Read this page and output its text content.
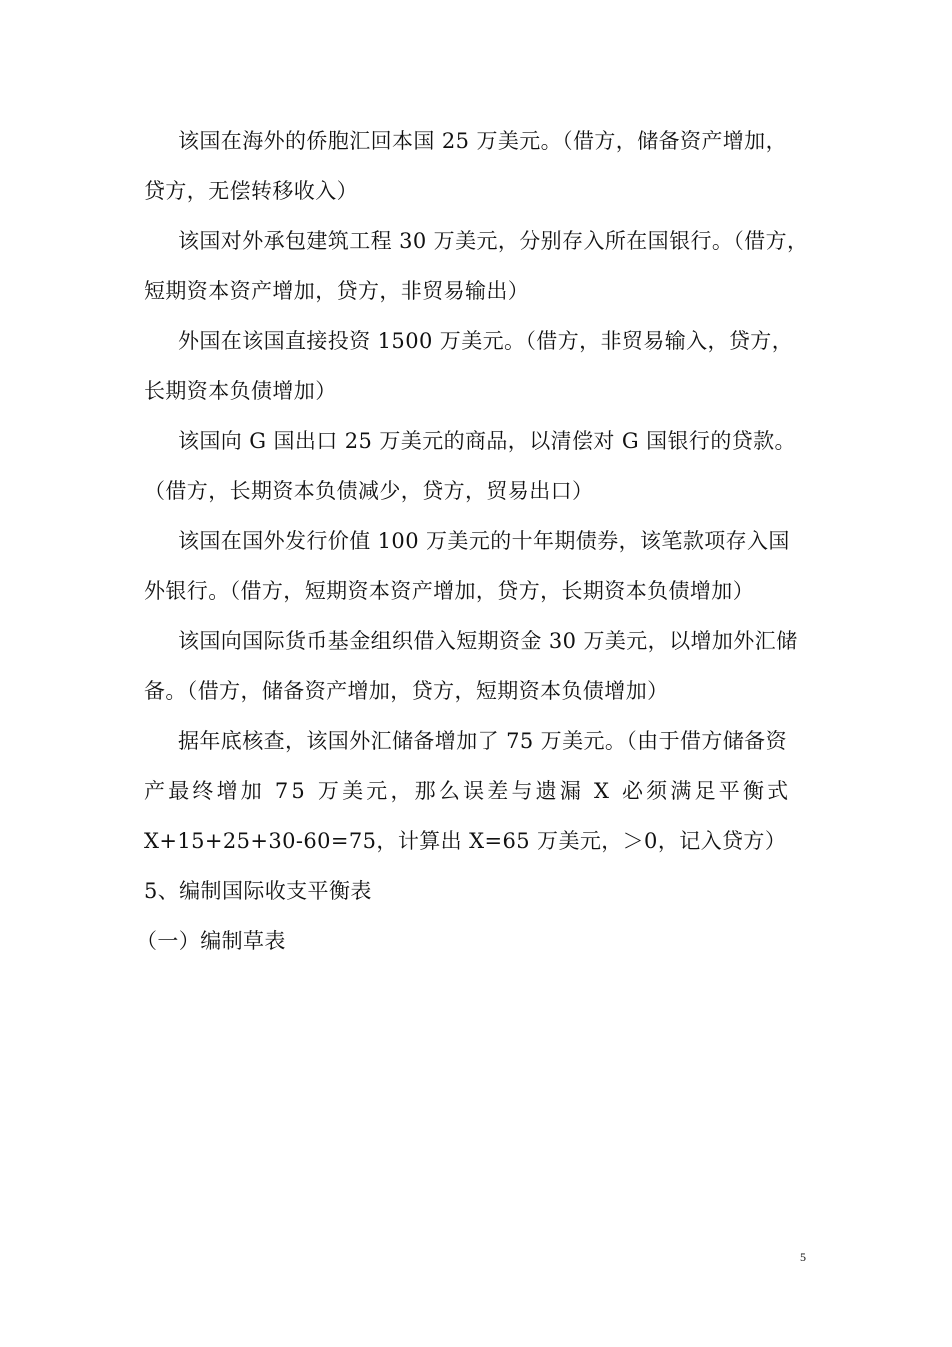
该国在海外的侨胞汇回本国 25 万美元。（借方，储备资产增加，
贷方，无偿转移收入）
该国对外承包建筑工程 30 万美元，分别存入所在国银行。（借方，
短期资本资产增加，贷方，非贸易输出）
外国在该国直接投资 1500 万美元。（借方，非贸易输入，贷方，
长期资本负债增加）
该国向 G 国出口 25 万美元的商品，以清偿对 G 国银行的贷款。
（借方，长期资本负债减少，贷方，贸易出口）
该国在国外发行价值 100 万美元的十年期债券，该笔款项存入国
外银行。（借方，短期资本资产增加，贷方，长期资本负债增加）
该国向国际货币基金组织借入短期资金 30 万美元，以增加外汇储
备。（借方，储备资产增加，贷方，短期资本负债增加）
据年底核查，该国外汇储备增加了 75 万美元。（由于借方储备资
产最终增加 75 万美元，那么误差与遗漏 X 必须满足平衡式
X+15+25+30-60=75，计算出 X=65 万美元，＞0，记入贷方）
5、编制国际收支平衡表
（一）编制草表
5
